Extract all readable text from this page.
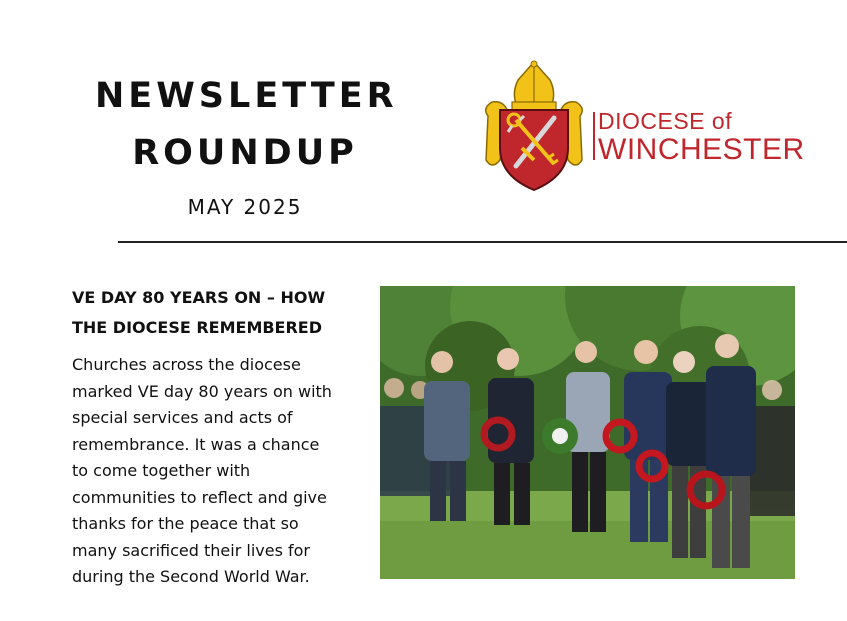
NEWSLETTER
ROUNDUP
MAY 2025
DIOCESE of
WINCHESTER
VE DAY 80 YEARS ON – HOW
THE DIOCESE REMEMBERED
Churches across the diocese
marked VE day 80 years on with
special services and acts of
remembrance. It was a chance
to come together with
communities to reflect and give
thanks for the peace that so
many sacrificed their lives for
during the Second World War.
